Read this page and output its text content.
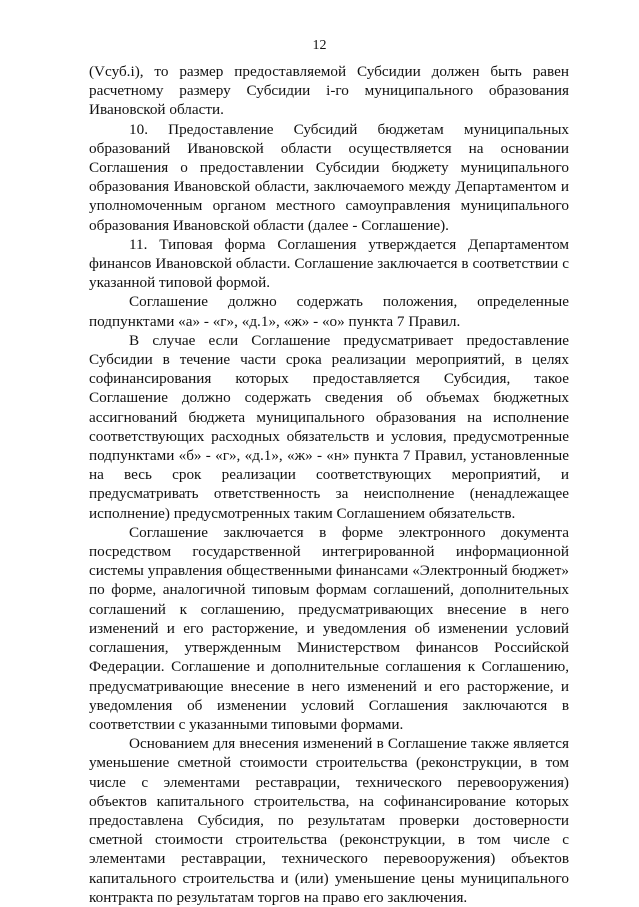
12

(Vсуб.i), то размер предоставляемой Субсидии должен быть равен расчетному размеру Субсидии i-го муниципального образования Ивановской области.

10. Предоставление Субсидий бюджетам муниципальных образований Ивановской области осуществляется на основании Соглашения о предоставлении Субсидии бюджету муниципального образования Ивановской области, заключаемого между Департаментом и уполномоченным органом местного самоуправления муниципального образования Ивановской области (далее - Соглашение).

11. Типовая форма Соглашения утверждается Департаментом финансов Ивановской области. Соглашение заключается в соответствии с указанной типовой формой.

Соглашение должно содержать положения, определенные подпунктами «а» - «г», «д.1», «ж» - «о» пункта 7 Правил.

В случае если Соглашение предусматривает предоставление Субсидии в течение части срока реализации мероприятий, в целях софинансирования которых предоставляется Субсидия, такое Соглашение должно содержать сведения об объемах бюджетных ассигнований бюджета муниципального образования на исполнение соответствующих расходных обязательств и условия, предусмотренные подпунктами «б» - «г», «д.1», «ж» - «н» пункта 7 Правил, установленные на весь срок реализации соответствующих мероприятий, и предусматривать ответственность за неисполнение (ненадлежащее исполнение) предусмотренных таким Соглашением обязательств.

Соглашение заключается в форме электронного документа посредством государственной интегрированной информационной системы управления общественными финансами «Электронный бюджет» по форме, аналогичной типовым формам соглашений, дополнительных соглашений к соглашению, предусматривающих внесение в него изменений и его расторжение, и уведомления об изменении условий соглашения, утвержденным Министерством финансов Российской Федерации. Соглашение и дополнительные соглашения к Соглашению, предусматривающие внесение в него изменений и его расторжение, и уведомления об изменении условий Соглашения заключаются в соответствии с указанными типовыми формами.

Основанием для внесения изменений в Соглашение также является уменьшение сметной стоимости строительства (реконструкции, в том числе с элементами реставрации, технического перевооружения) объектов капитального строительства, на софинансирование которых предоставлена Субсидия, по результатам проверки достоверности сметной стоимости строительства (реконструкции, в том числе с элементами реставрации, технического перевооружения) объектов капитального строительства и (или) уменьшение цены муниципального контракта по результатам торгов на право его заключения.
